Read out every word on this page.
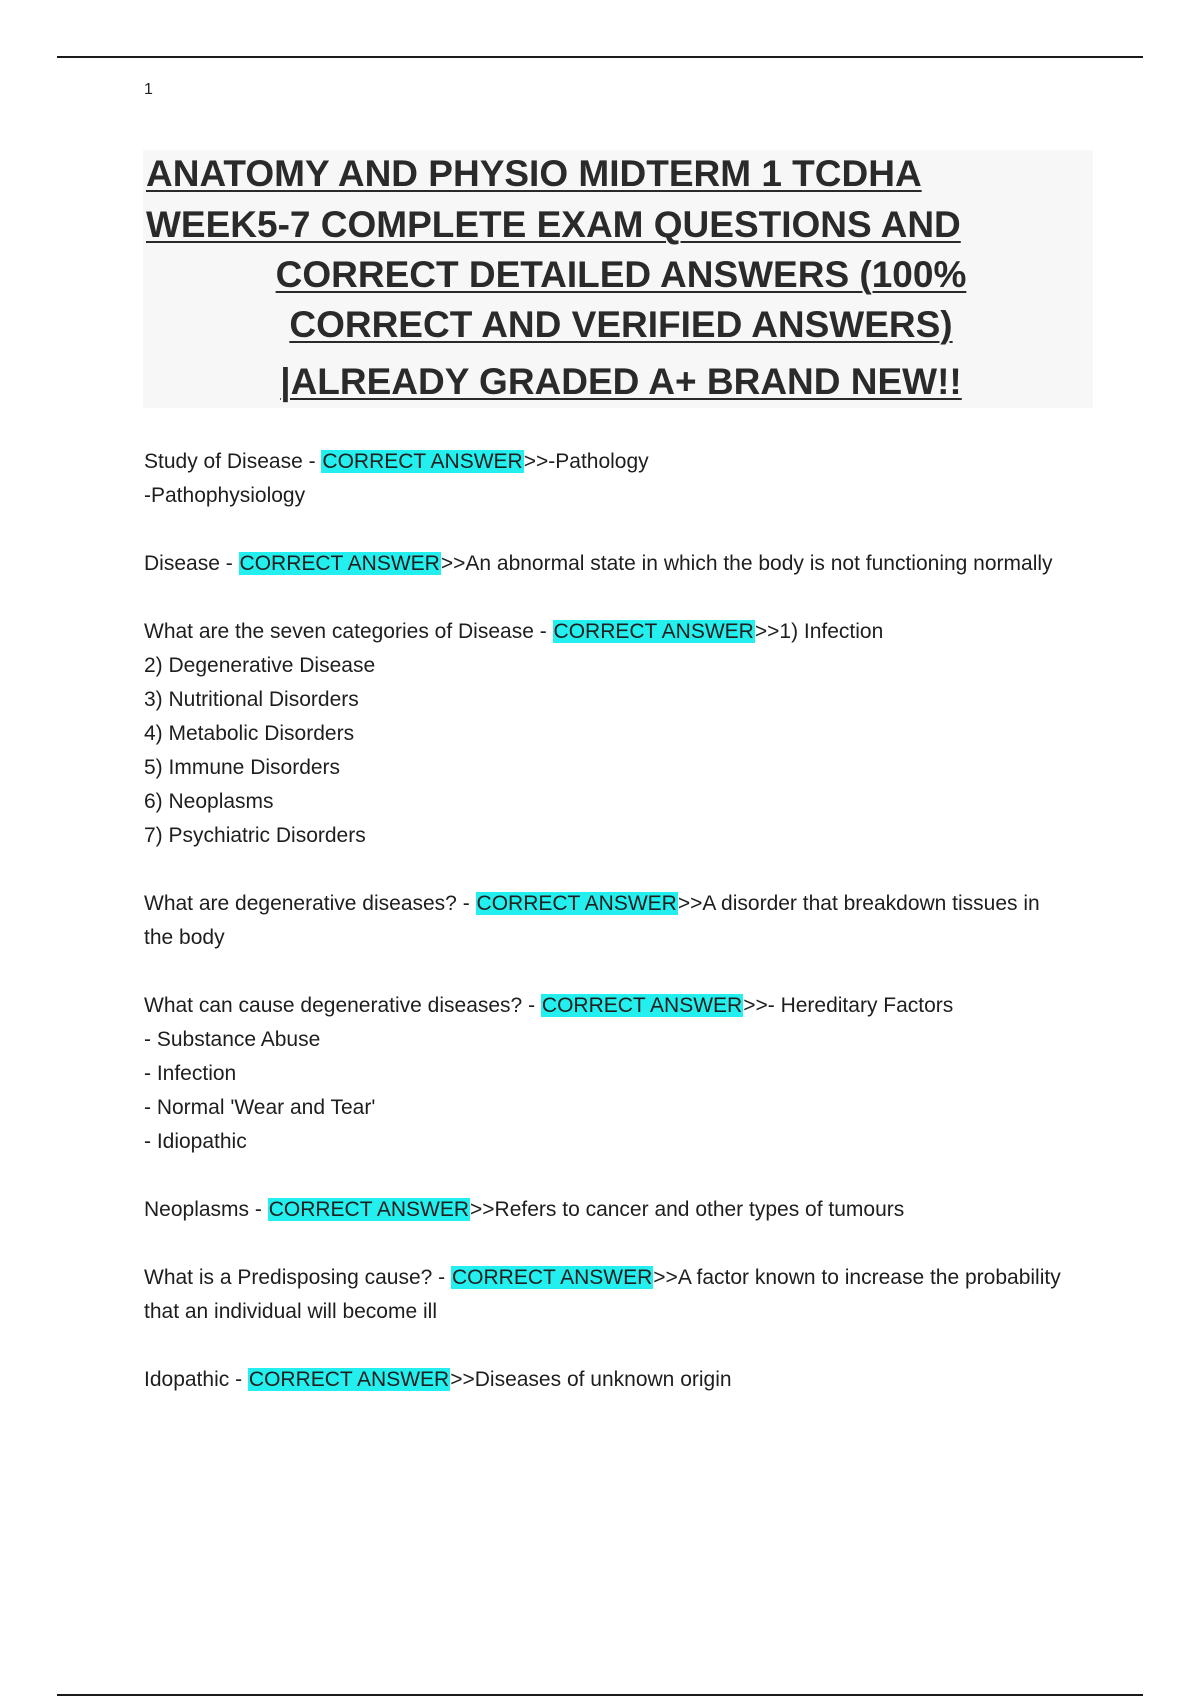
1
ANATOMY AND PHYSIO MIDTERM 1 TCDHA
WEEK5-7 COMPLETE EXAM QUESTIONS AND
CORRECT DETAILED ANSWERS (100%
CORRECT AND VERIFIED ANSWERS)
|ALREADY GRADED A+ BRAND NEW!!

Study of Disease - CORRECT ANSWER>>-Pathology

-Pathophysiology

Disease - CORRECT ANSWER>>An abnormal state in which the body is not functioning normally

What are the seven categories of Disease - CORRECT ANSWER>>1) Infection

2) Degenerative Disease

3) Nutritional Disorders

4) Metabolic Disorders

5) Immune Disorders

6) Neoplasms

7) Psychiatric Disorders

What are degenerative diseases? - CORRECT ANSWER>>A disorder that breakdown tissues in

the body

What can cause degenerative diseases? - CORRECT ANSWER>>- Hereditary Factors

- Substance Abuse

- Infection

- Normal 'Wear and Tear'

- Idiopathic

Neoplasms - CORRECT ANSWER>>Refers to cancer and other types of tumours

What is a Predisposing cause? - CORRECT ANSWER>>A factor known to increase the probability

that an individual will become ill

Idopathic - CORRECT ANSWER>>Diseases of unknown origin
